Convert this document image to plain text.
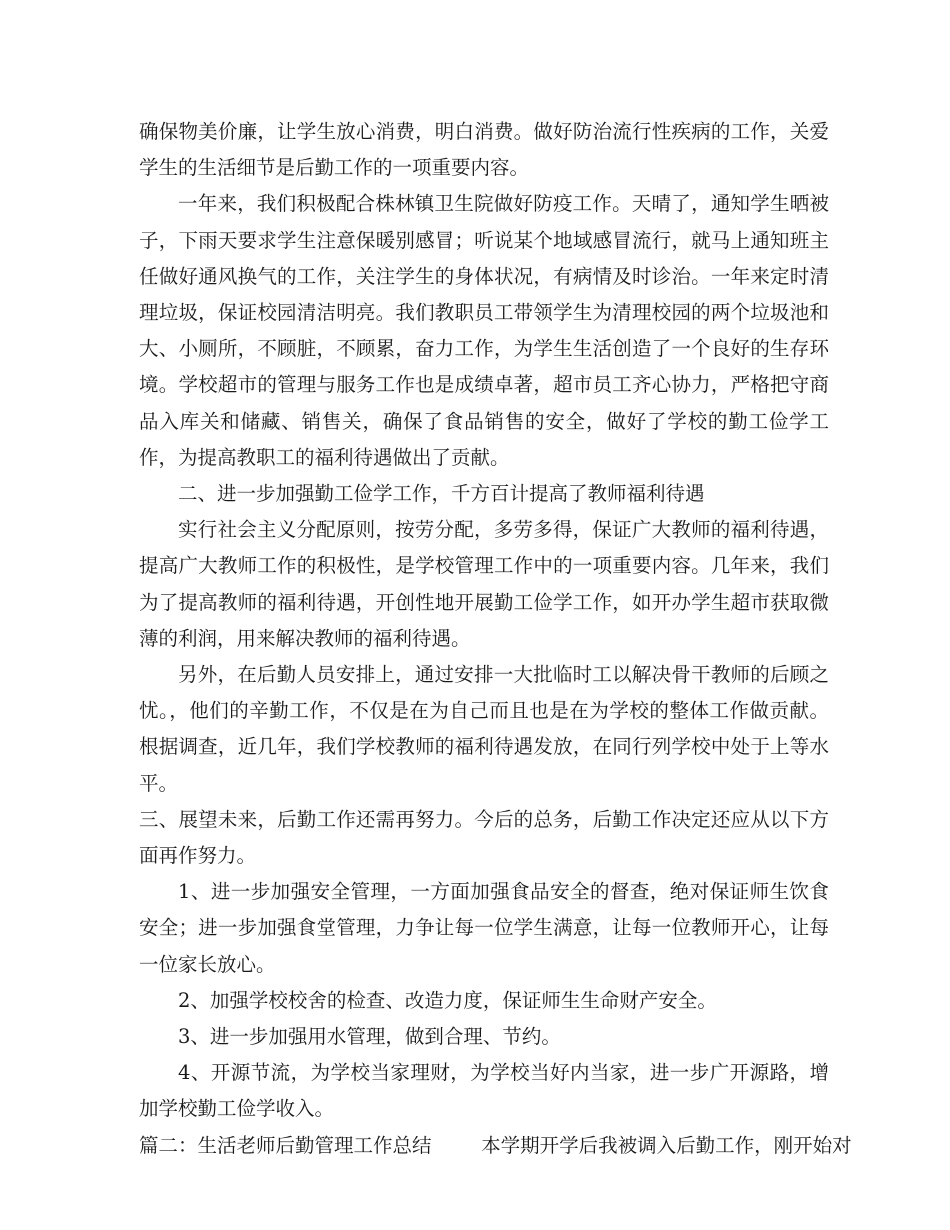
确保物美价廉，让学生放心消费，明白消费。做好防治流行性疾病的工作，关爱学生的生活细节是后勤工作的一项重要内容。

一年来，我们积极配合株林镇卫生院做好防疫工作。天晴了，通知学生晒被子，下雨天要求学生注意保暖别感冒；听说某个地域感冒流行，就马上通知班主任做好通风换气的工作，关注学生的身体状况，有病情及时诊治。一年来定时清理垃圾，保证校园清洁明亮。我们教职员工带领学生为清理校园的两个垃圾池和大、小厕所，不顾脏，不顾累，奋力工作，为学生生活创造了一个良好的生存环境。学校超市的管理与服务工作也是成绩卓著，超市员工齐心协力，严格把守商品入库关和储藏、销售关，确保了食品销售的安全，做好了学校的勤工俭学工作，为提高教职工的福利待遇做出了贡献。

二、进一步加强勤工俭学工作，千方百计提高了教师福利待遇

实行社会主义分配原则，按劳分配，多劳多得，保证广大教师的福利待遇，提高广大教师工作的积极性，是学校管理工作中的一项重要内容。几年来，我们为了提高教师的福利待遇，开创性地开展勤工俭学工作，如开办学生超市获取微薄的利润，用来解决教师的福利待遇。

另外，在后勤人员安排上，通过安排一大批临时工以解决骨干教师的后顾之忧。，他们的辛勤工作，不仅是在为自己而且也是在为学校的整体工作做贡献。根据调查，近几年，我们学校教师的福利待遇发放，在同行列学校中处于上等水平。

三、展望未来，后勤工作还需再努力。今后的总务，后勤工作决定还应从以下方面再作努力。

1、进一步加强安全管理，一方面加强食品安全的督查，绝对保证师生饮食安全；进一步加强食堂管理，力争让每一位学生满意，让每一位教师开心，让每一位家长放心。

2、加强学校校舍的检查、改造力度，保证师生生命财产安全。

3、进一步加强用水管理，做到合理、节约。

4、开源节流，为学校当家理财，为学校当好内当家，进一步广开源路，增加学校勤工俭学收入。

篇二：生活老师后勤管理工作总结	本学期开学后我被调入后勤工作，刚开始对
